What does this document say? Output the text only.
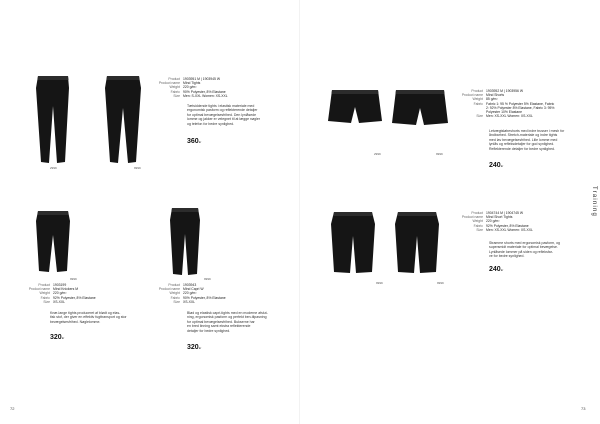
2999	9999
Product 1903951 M | 1903945 W
Product name Mind Tights
Weight 220 g/m²
Fabric 90% Polyester, 8% Elastane
Size Men: S-XXL Women: XS-XXL
Tætsiddende tights i elastisk materiale med
ergonomisk pasform og reflekterende detaljer
for optimal bevægelsesfrihed. Den lynlåsede
lomme og jakker er velegnet til at lægge nøgler
og telefon for bedre synlighed.
360kr
9999
Product 1903199
Product name Mind Knickers M
Weight 220 g/m²
Fabric 92% Polyester, 8% Elastane
Size XS-XXL
Knæ-lange tights produceret af blødt og elas-
tisk stof, der giver en effektiv fugttransport og stor
bevægelsesfrihed. Nøglelomme.
320kr
9999
Product 1903943
Product name Mind Capri W
Weight 220 g/m²
Fabric 90% Polyester, 8% Elastane
Size XS-XXL
Blød og elastisk capri-tights med en moderne afslut-
ning, ergonomisk pasform og perfekt ben-tilpasning
for optimal bevægelsesfrihed. Bukserne har
en bred linning samt ekstra reflekterende
detaljer for bedre synlighed.
320kr
72
2999	9999
Product 1903952 M | 1903956 W
Product name Mind Shorts
Weight 85 g/m²
Fabric Fabric 1: 95 % Polyester 5% Elastane, Fabric
2: 92% Polyester 8% Elastane, Fabric 3: 95%
Polyester 10% Elastane
Size Men: XS-XXL Women: XS-XXL
Letvægtsløbeshorts med indre trusser i mesh for
åndbarhed. Stretch-materiale og indre tights
med lav bevægelsesfrihed. Lille lomme med
lynlås og refleksdetaljer for god synlighed.
Reflekterende detaljer for bedre synlighed.
240kr
9999	9999
Product 1904744 M | 1904745 W
Product name Mind Short Tights
Weight 220 g/m²
Fabric 92% Polyester, 8% Elastane
Size Men: XS-XXL Women: XS-XXL
Stramme shorts med ergonomisk pasform, og
supersmidt materiale for optimal bevægelse.
Lynlåsede lommer på siden og refleksfar-
ve for bedre synlighed.
240kr
Training
73
